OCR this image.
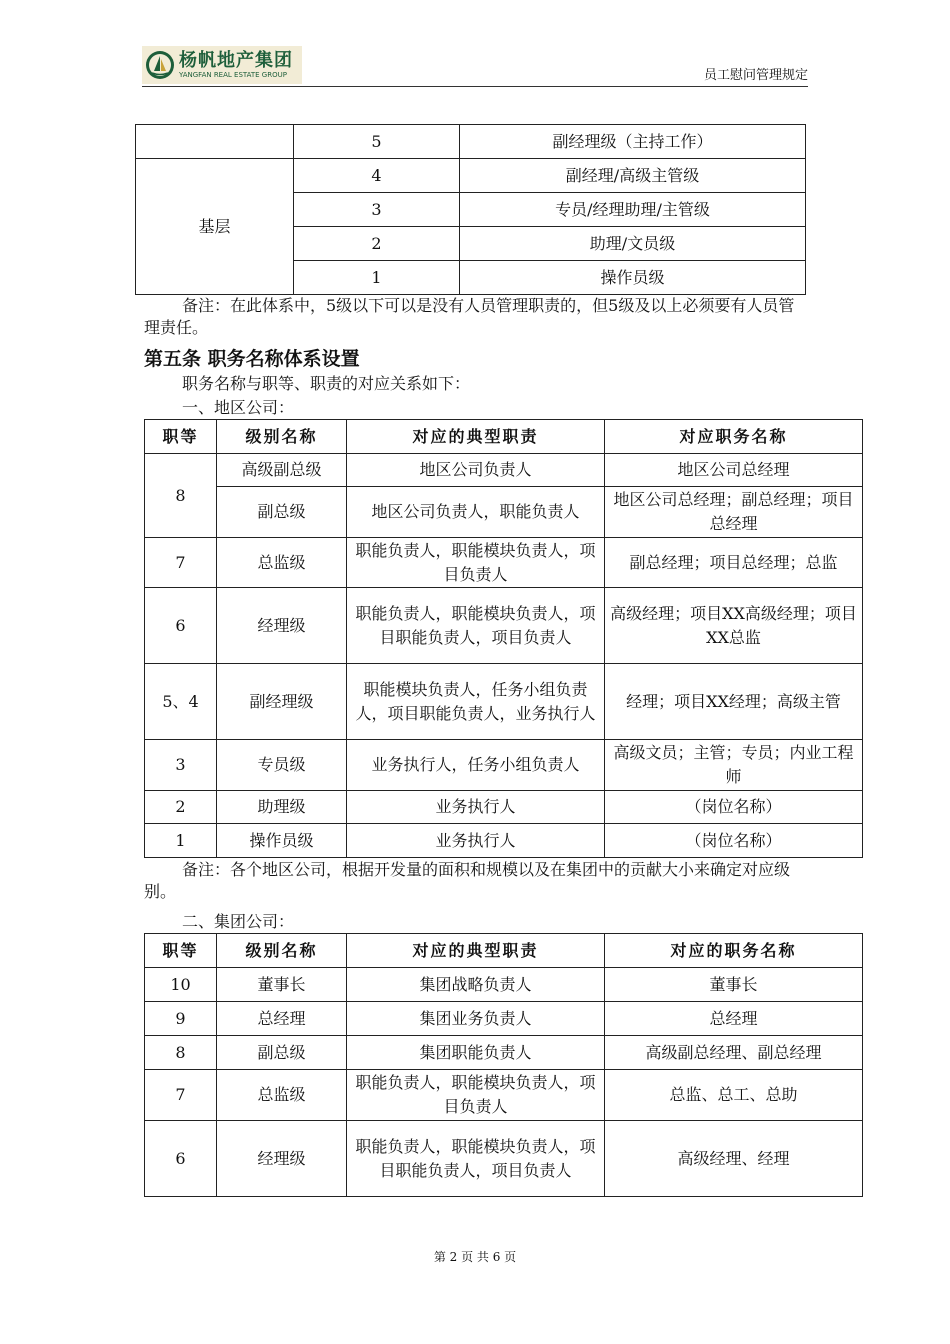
杨帆地产集团
YANGFAN REAL ESTATE GROUP	员工慰问管理规定
	5	副经理级（主持工作）
基层	4	副经理/高级主管级
	3	专员/经理助理/主管级
	2	助理/文员级
	1	操作员级
备注：在此体系中，5级以下可以是没有人员管理职责的，但5级及以上必须要有人员管理责任。
第五条 职务名称体系设置
职务名称与职等、职责的对应关系如下：
一、地区公司：
职等	级别名称	对应的典型职责	对应职务名称
8	高级副总级	地区公司负责人	地区公司总经理
	副总级	地区公司负责人，职能负责人	地区公司总经理；副总经理；项目总经理
7	总监级	职能负责人，职能模块负责人，项目负责人	副总经理；项目总经理；总监
6	经理级	职能负责人，职能模块负责人，项目职能负责人，项目负责人	高级经理；项目XX高级经理；项目XX总监
5、4	副经理级	职能模块负责人，任务小组负责人，项目职能负责人，业务执行人	经理；项目XX经理；高级主管
3	专员级	业务执行人，任务小组负责人	高级文员；主管；专员；内业工程师
2	助理级	业务执行人	（岗位名称）
1	操作员级	业务执行人	（岗位名称）
备注：各个地区公司，根据开发量的面积和规模以及在集团中的贡献大小来确定对应级别。
二、集团公司：
职等	级别名称	对应的典型职责	对应的职务名称
10	董事长	集团战略负责人	董事长
9	总经理	集团业务负责人	总经理
8	副总级	集团职能负责人	高级副总经理、副总经理
7	总监级	职能负责人，职能模块负责人，项目负责人	总监、总工、总助
6	经理级	职能负责人，职能模块负责人，项目职能负责人，项目负责人	高级经理、经理
第 2 页 共 6 页
